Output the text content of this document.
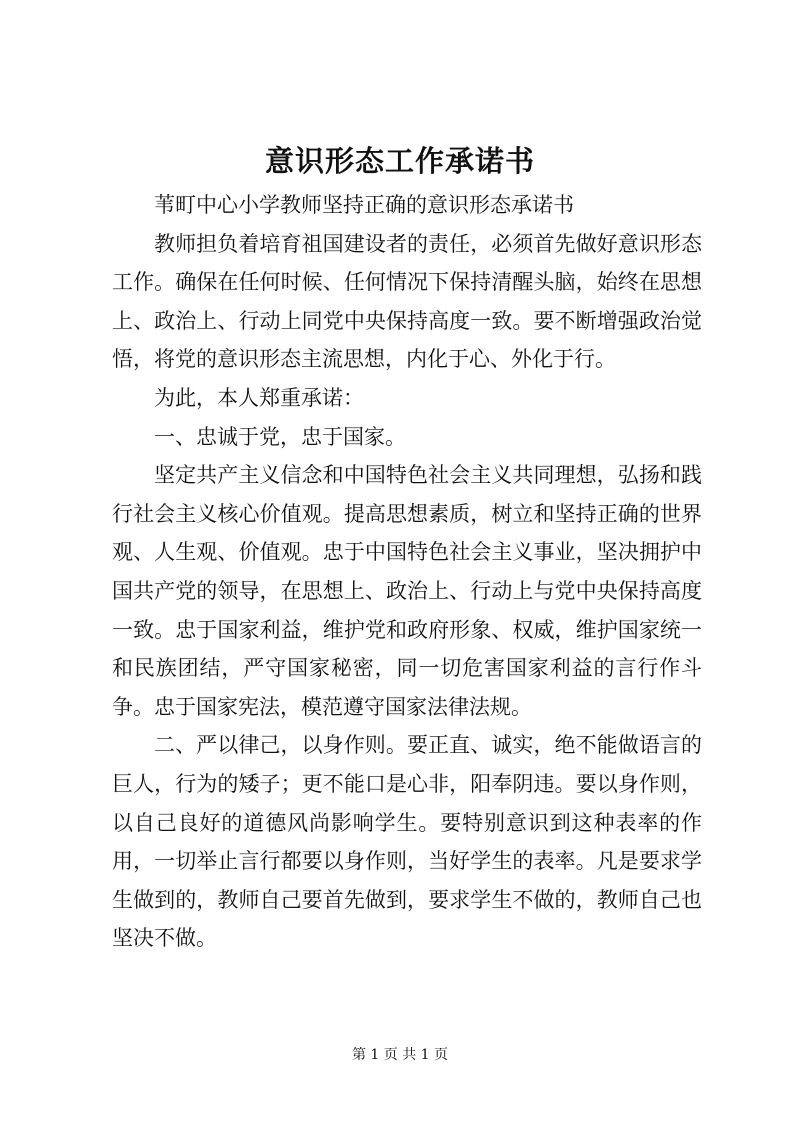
意识形态工作承诺书

苇町中心小学教师坚持正确的意识形态承诺书

教师担负着培育祖国建设者的责任，必须首先做好意识形态工作。确保在任何时候、任何情况下保持清醒头脑，始终在思想上、政治上、行动上同党中央保持高度一致。要不断增强政治觉悟，将党的意识形态主流思想，内化于心、外化于行。

为此，本人郑重承诺：

一、忠诚于党，忠于国家。

坚定共产主义信念和中国特色社会主义共同理想，弘扬和践行社会主义核心价值观。提高思想素质，树立和坚持正确的世界观、人生观、价值观。忠于中国特色社会主义事业，坚决拥护中国共产党的领导，在思想上、政治上、行动上与党中央保持高度一致。忠于国家利益，维护党和政府形象、权威，维护国家统一和民族团结，严守国家秘密，同一切危害国家利益的言行作斗争。忠于国家宪法，模范遵守国家法律法规。

二、严以律己，以身作则。要正直、诚实，绝不能做语言的巨人，行为的矮子；更不能口是心非，阳奉阴违。要以身作则，以自己良好的道德风尚影响学生。要特别意识到这种表率的作用，一切举止言行都要以身作则，当好学生的表率。凡是要求学生做到的，教师自己要首先做到，要求学生不做的，教师自己也坚决不做。

第 1 页 共 1 页
